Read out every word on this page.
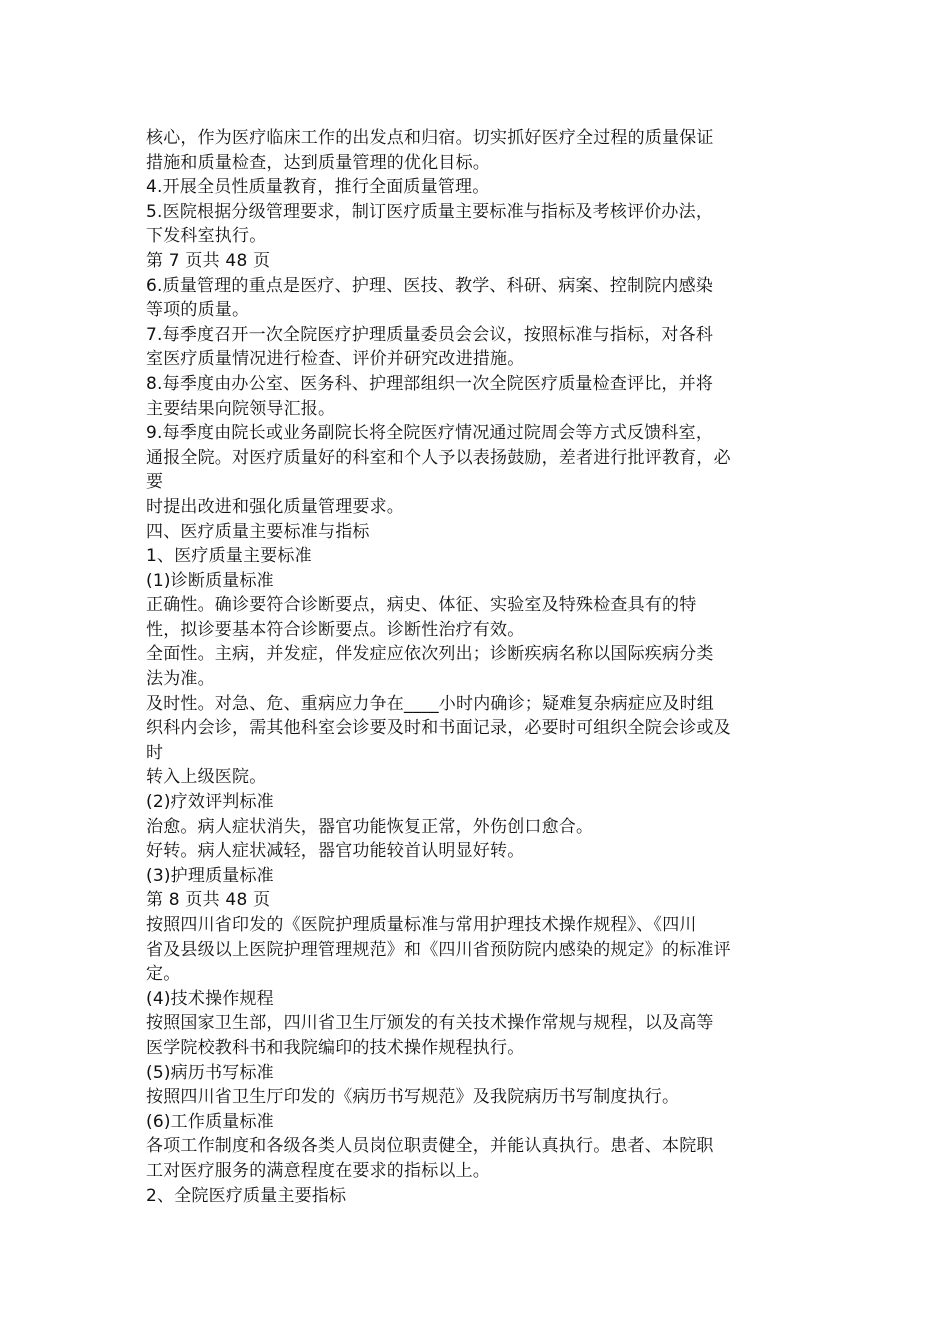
核心，作为医疗临床工作的出发点和归宿。切实抓好医疗全过程的质量保证
措施和质量检查，达到质量管理的优化目标。
4.开展全员性质量教育，推行全面质量管理。
5.医院根据分级管理要求，制订医疗质量主要标准与指标及考核评价办法，
下发科室执行。
第 7 页共 48 页
6.质量管理的重点是医疗、护理、医技、教学、科研、病案、控制院内感染
等项的质量。
7.每季度召开一次全院医疗护理质量委员会会议，按照标准与指标，对各科
室医疗质量情况进行检查、评价并研究改进措施。
8.每季度由办公室、医务科、护理部组织一次全院医疗质量检查评比，并将
主要结果向院领导汇报。
9.每季度由院长或业务副院长将全院医疗情况通过院周会等方式反馈科室，
通报全院。对医疗质量好的科室和个人予以表扬鼓励，差者进行批评教育，必
要
时提出改进和强化质量管理要求。
四、医疗质量主要标准与指标
1、医疗质量主要标准
(1)诊断质量标准
正确性。确诊要符合诊断要点，病史、体征、实验室及特殊检查具有的特
性，拟诊要基本符合诊断要点。诊断性治疗有效。
全面性。主病，并发症，伴发症应依次列出；诊断疾病名称以国际疾病分类
法为准。
及时性。对急、危、重病应力争在____小时内确诊；疑难复杂病症应及时组
织科内会诊，需其他科室会诊要及时和书面记录，必要时可组织全院会诊或及
时
转入上级医院。
(2)疗效评判标准
治愈。病人症状消失，器官功能恢复正常，外伤创口愈合。
好转。病人症状减轻，器官功能较首认明显好转。
(3)护理质量标准
第 8 页共 48 页
按照四川省印发的《医院护理质量标准与常用护理技术操作规程》、《四川
省及县级以上医院护理管理规范》和《四川省预防院内感染的规定》的标准评
定。
(4)技术操作规程
按照国家卫生部，四川省卫生厅颁发的有关技术操作常规与规程，以及高等
医学院校教科书和我院编印的技术操作规程执行。
(5)病历书写标准
按照四川省卫生厅印发的《病历书写规范》及我院病历书写制度执行。
(6)工作质量标准
各项工作制度和各级各类人员岗位职责健全，并能认真执行。患者、本院职
工对医疗服务的满意程度在要求的指标以上。
2、全院医疗质量主要指标
